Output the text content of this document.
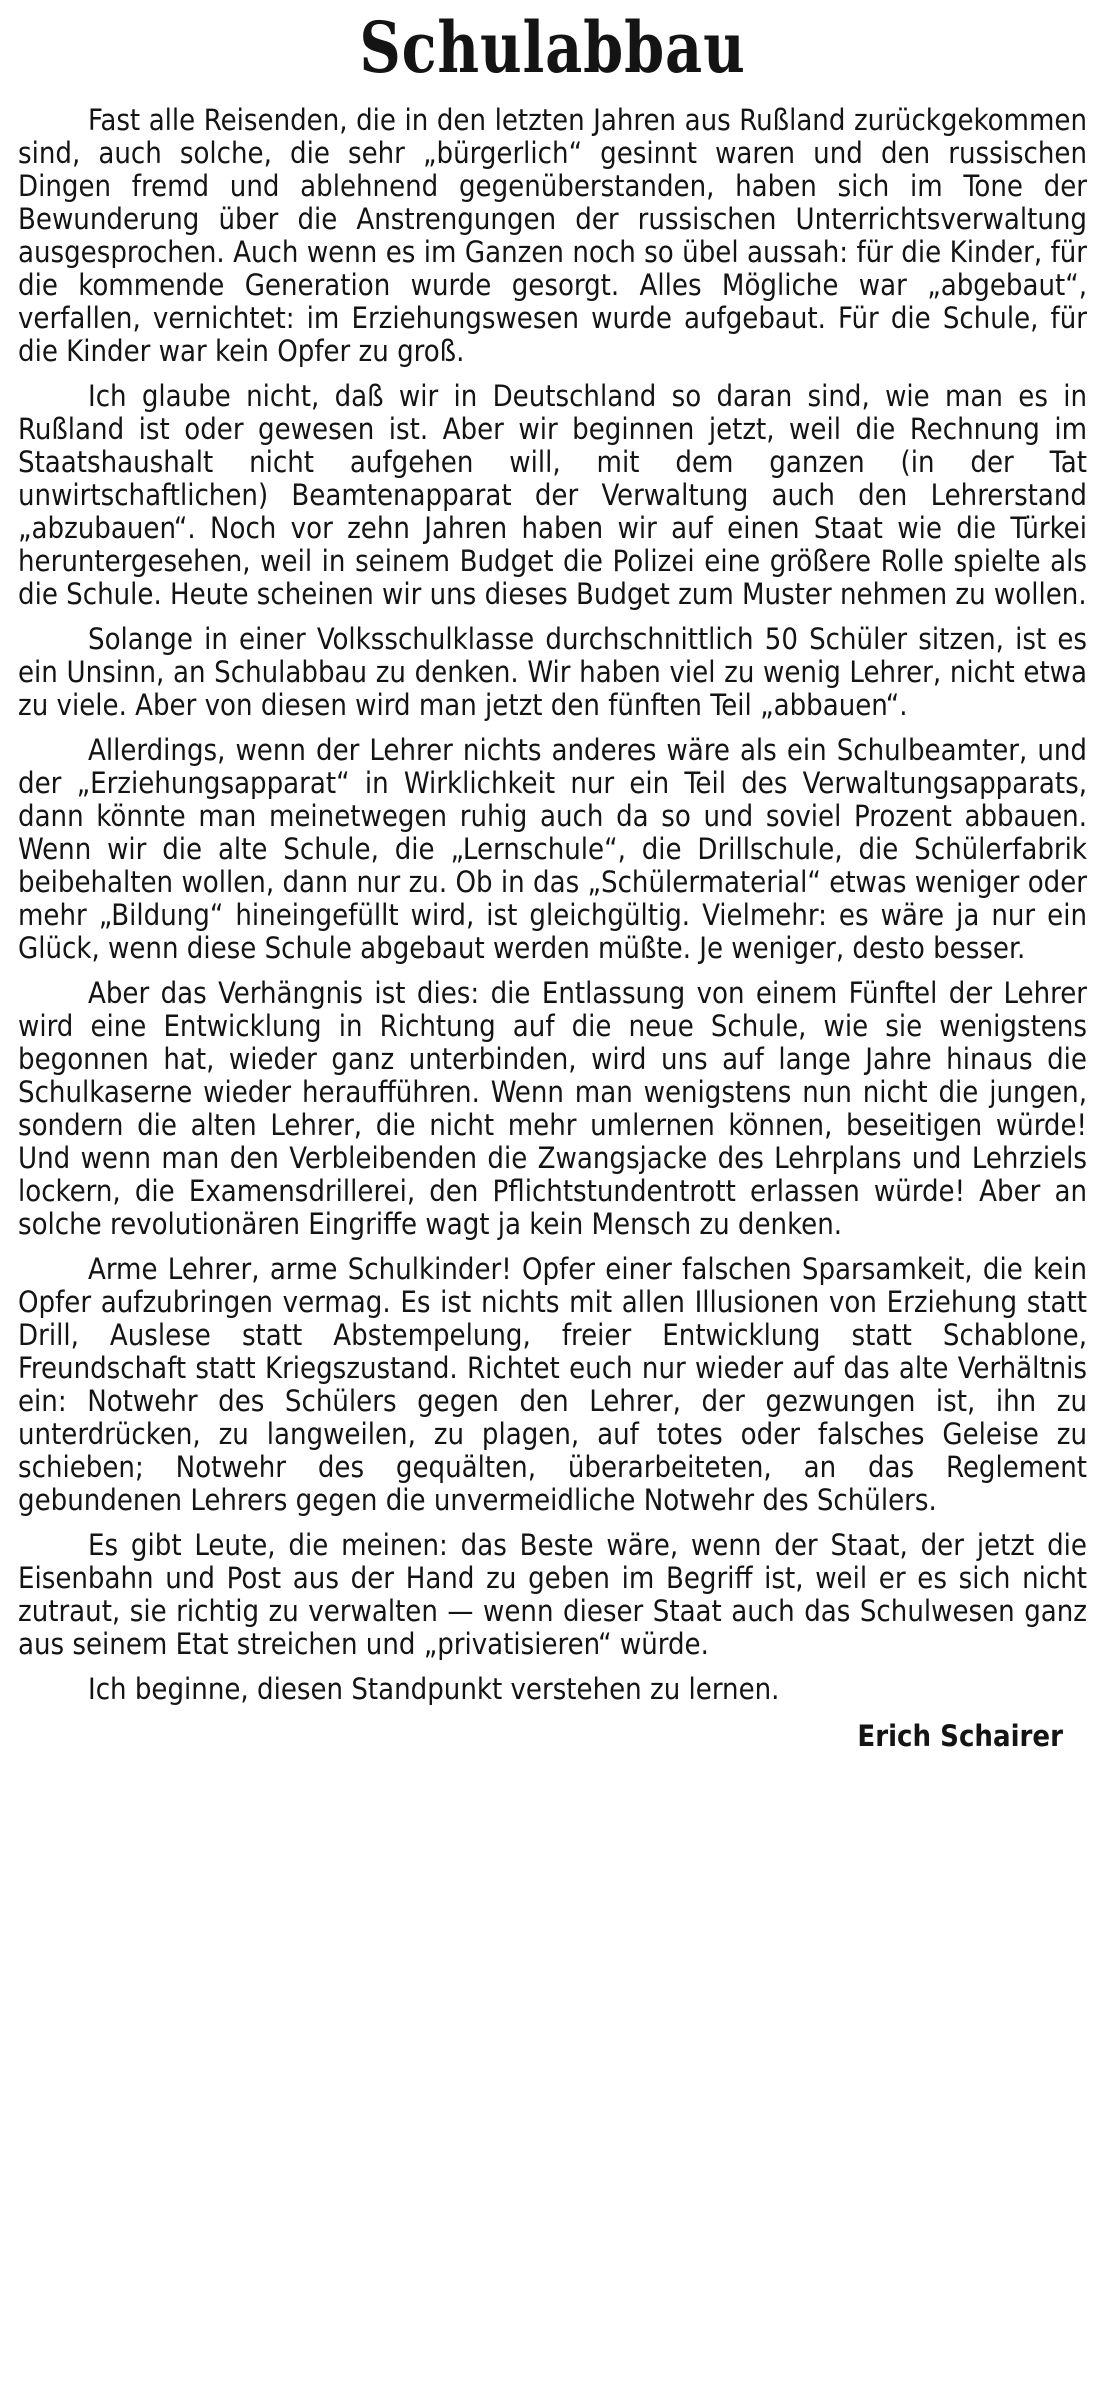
Schulabbau

Fast alle Reisenden, die in den letzten Jahren aus Rußland zurückgekommen sind, auch solche, die sehr „bürgerlich“ gesinnt waren und den russischen Dingen fremd und ablehnend gegenüberstanden, haben sich im Tone der Bewunderung über die Anstrengungen der russischen Unterrichtsverwaltung ausgesprochen. Auch wenn es im Ganzen noch so übel aussah: für die Kinder, für die kommende Generation wurde gesorgt. Alles Mögliche war „abgebaut“, verfallen, vernichtet: im Erziehungswesen wurde aufgebaut. Für die Schule, für die Kinder war kein Opfer zu groß.

Ich glaube nicht, daß wir in Deutschland so daran sind, wie man es in Rußland ist oder gewesen ist. Aber wir beginnen jetzt, weil die Rechnung im Staatshaushalt nicht aufgehen will, mit dem ganzen (in der Tat unwirtschaftlichen) Beamtenapparat der Verwaltung auch den Lehrerstand „abzubauen“. Noch vor zehn Jahren haben wir auf einen Staat wie die Türkei heruntergesehen, weil in seinem Budget die Polizei eine größere Rolle spielte als die Schule. Heute scheinen wir uns dieses Budget zum Muster nehmen zu wollen.

Solange in einer Volksschulklasse durchschnittlich 50 Schüler sitzen, ist es ein Unsinn, an Schulabbau zu denken. Wir haben viel zu wenig Lehrer, nicht etwa zu viele. Aber von diesen wird man jetzt den fünften Teil „abbauen“.

Allerdings, wenn der Lehrer nichts anderes wäre als ein Schulbeamter, und der „Erziehungsapparat“ in Wirklichkeit nur ein Teil des Verwaltungsapparats, dann könnte man meinetwegen ruhig auch da so und soviel Prozent abbauen. Wenn wir die alte Schule, die „Lernschule“, die Drillschule, die Schülerfabrik beibehalten wollen, dann nur zu. Ob in das „Schülermaterial“ etwas weniger oder mehr „Bildung“ hineingefüllt wird, ist gleichgültig. Vielmehr: es wäre ja nur ein Glück, wenn diese Schule abgebaut werden müßte. Je weniger, desto besser.

Aber das Verhängnis ist dies: die Entlassung von einem Fünftel der Lehrer wird eine Entwicklung in Richtung auf die neue Schule, wie sie wenigstens begonnen hat, wieder ganz unterbinden, wird uns auf lange Jahre hinaus die Schulkaserne wieder heraufführen. Wenn man wenigstens nun nicht die jungen, sondern die alten Lehrer, die nicht mehr umlernen können, beseitigen würde! Und wenn man den Verbleibenden die Zwangsjacke des Lehrplans und Lehrziels lockern, die Examensdrillerei, den Pflichtstundentrott erlassen würde! Aber an solche revolutionären Eingriffe wagt ja kein Mensch zu denken.

Arme Lehrer, arme Schulkinder! Opfer einer falschen Sparsamkeit, die kein Opfer aufzubringen vermag. Es ist nichts mit allen Illusionen von Erziehung statt Drill, Auslese statt Abstempelung, freier Entwicklung statt Schablone, Freundschaft statt Kriegszustand. Richtet euch nur wieder auf das alte Verhältnis ein: Notwehr des Schülers gegen den Lehrer, der gezwungen ist, ihn zu unterdrücken, zu langweilen, zu plagen, auf totes oder falsches Geleise zu schieben; Notwehr des gequälten, überarbeiteten, an das Reglement gebundenen Lehrers gegen die unvermeidliche Notwehr des Schülers.

Es gibt Leute, die meinen: das Beste wäre, wenn der Staat, der jetzt die Eisenbahn und Post aus der Hand zu geben im Begriff ist, weil er es sich nicht zutraut, sie richtig zu verwalten — wenn dieser Staat auch das Schulwesen ganz aus seinem Etat streichen und „privatisieren“ würde.

Ich beginne, diesen Standpunkt verstehen zu lernen.

Erich Schairer
